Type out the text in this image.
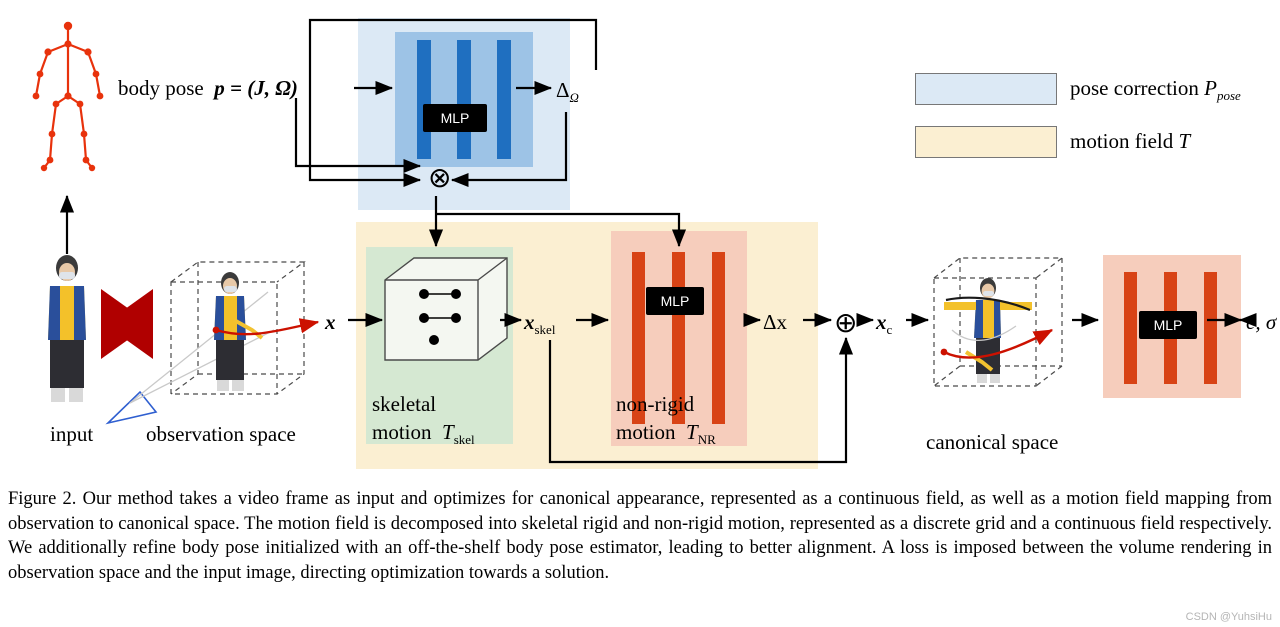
MLP
MLP
MLP
pose correction $P_{pose}$
motion field T
body pose p = (J, Ω)	$\Delta_\Omega$
x	$x_{skel}$	Δx	$x_c$	c, σ
input	observation space	canonical space
skeletal
motion $T_{skel}$
non-rigid
motion $T_{NR}$
⊗
⊕
Figure 2. Our method takes a video frame as input and optimizes for canonical appearance, represented as a continuous field, as well as a motion field mapping from observation to canonical space. The motion field is decomposed into skeletal rigid and non-rigid motion, represented as a discrete grid and a continuous field respectively. We additionally refine body pose initialized with an off-the-shelf body pose estimator, leading to better alignment. A loss is imposed between the volume rendering in observation space and the input image, directing optimization towards a solution.
CSDN @YuhsiHu
